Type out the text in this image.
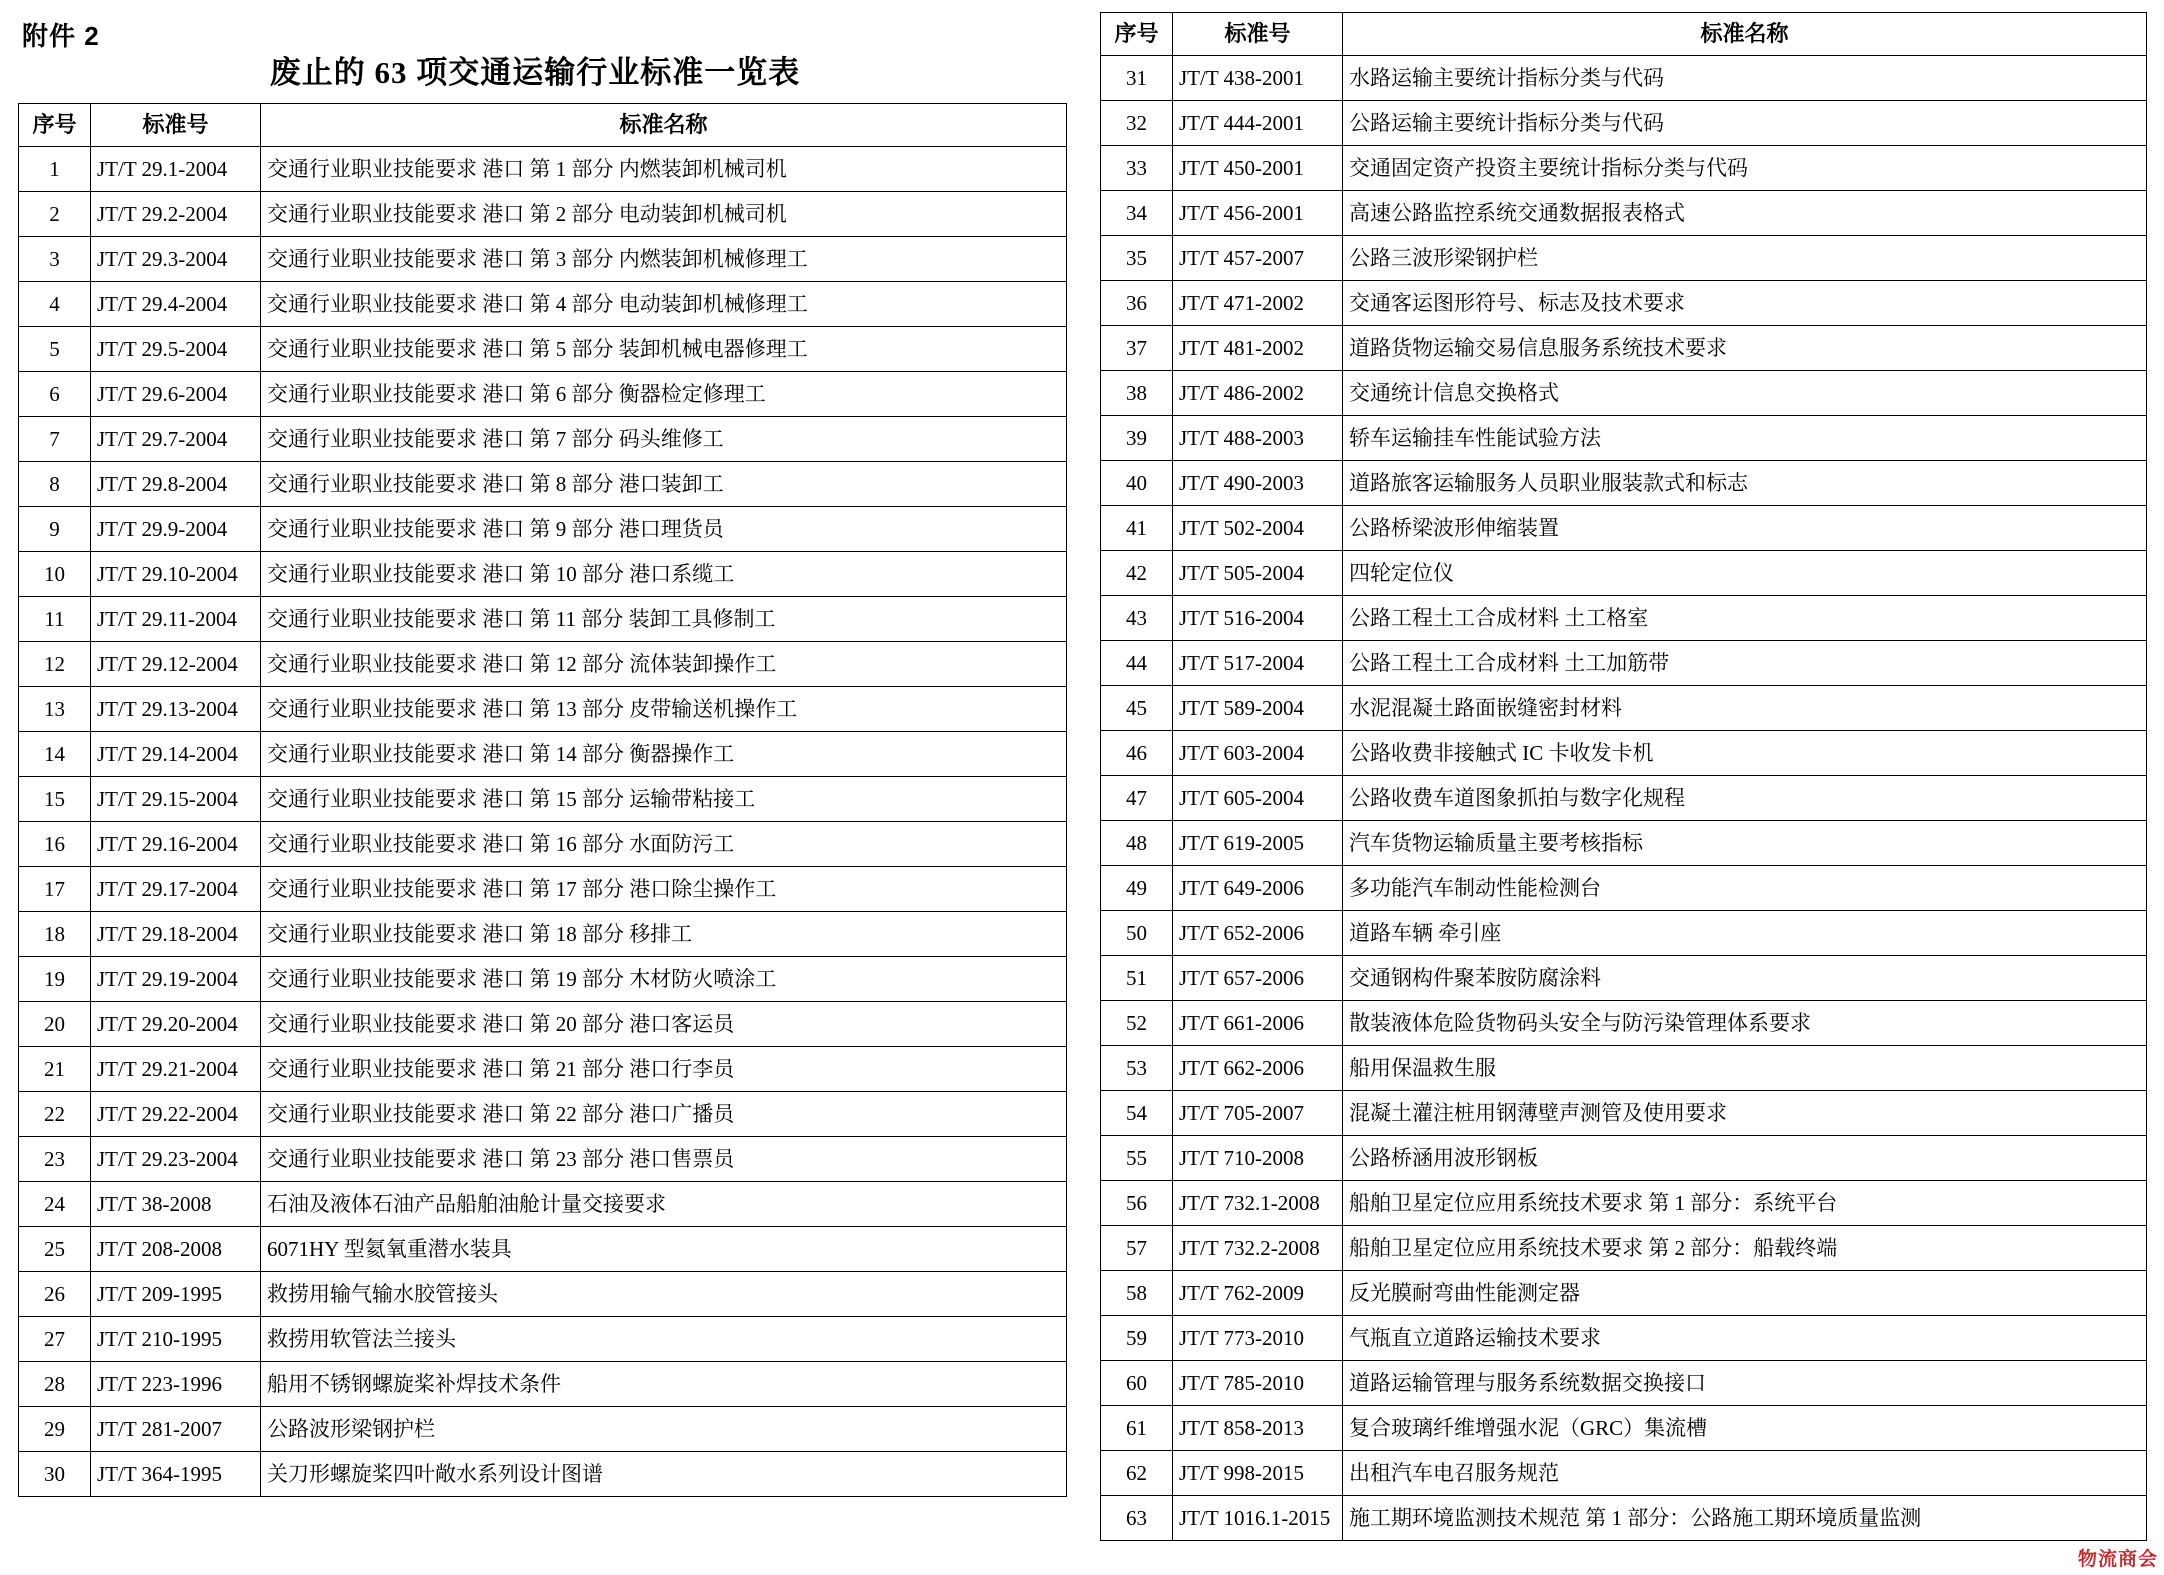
附件 2
废止的 63 项交通运输行业标准一览表
序号	标准号	标准名称
1	JT/T 29.1-2004	交通行业职业技能要求 港口 第 1 部分 内燃装卸机械司机
2	JT/T 29.2-2004	交通行业职业技能要求 港口 第 2 部分 电动装卸机械司机
3	JT/T 29.3-2004	交通行业职业技能要求 港口 第 3 部分 内燃装卸机械修理工
4	JT/T 29.4-2004	交通行业职业技能要求 港口 第 4 部分 电动装卸机械修理工
5	JT/T 29.5-2004	交通行业职业技能要求 港口 第 5 部分 装卸机械电器修理工
6	JT/T 29.6-2004	交通行业职业技能要求 港口 第 6 部分 衡器检定修理工
7	JT/T 29.7-2004	交通行业职业技能要求 港口 第 7 部分 码头维修工
8	JT/T 29.8-2004	交通行业职业技能要求 港口 第 8 部分 港口装卸工
9	JT/T 29.9-2004	交通行业职业技能要求 港口 第 9 部分 港口理货员
10	JT/T 29.10-2004	交通行业职业技能要求 港口 第 10 部分 港口系缆工
11	JT/T 29.11-2004	交通行业职业技能要求 港口 第 11 部分 装卸工具修制工
12	JT/T 29.12-2004	交通行业职业技能要求 港口 第 12 部分 流体装卸操作工
13	JT/T 29.13-2004	交通行业职业技能要求 港口 第 13 部分 皮带输送机操作工
14	JT/T 29.14-2004	交通行业职业技能要求 港口 第 14 部分 衡器操作工
15	JT/T 29.15-2004	交通行业职业技能要求 港口 第 15 部分 运输带粘接工
16	JT/T 29.16-2004	交通行业职业技能要求 港口 第 16 部分 水面防污工
17	JT/T 29.17-2004	交通行业职业技能要求 港口 第 17 部分 港口除尘操作工
18	JT/T 29.18-2004	交通行业职业技能要求 港口 第 18 部分 移排工
19	JT/T 29.19-2004	交通行业职业技能要求 港口 第 19 部分 木材防火喷涂工
20	JT/T 29.20-2004	交通行业职业技能要求 港口 第 20 部分 港口客运员
21	JT/T 29.21-2004	交通行业职业技能要求 港口 第 21 部分 港口行李员
22	JT/T 29.22-2004	交通行业职业技能要求 港口 第 22 部分 港口广播员
23	JT/T 29.23-2004	交通行业职业技能要求 港口 第 23 部分 港口售票员
24	JT/T 38-2008	石油及液体石油产品船舶油舱计量交接要求
25	JT/T 208-2008	6071HY 型氦氧重潜水装具
26	JT/T 209-1995	救捞用输气输水胶管接头
27	JT/T 210-1995	救捞用软管法兰接头
28	JT/T 223-1996	船用不锈钢螺旋桨补焊技术条件
29	JT/T 281-2007	公路波形梁钢护栏
30	JT/T 364-1995	关刀形螺旋桨四叶敞水系列设计图谱
序号	标准号	标准名称
31	JT/T 438-2001	水路运输主要统计指标分类与代码
32	JT/T 444-2001	公路运输主要统计指标分类与代码
33	JT/T 450-2001	交通固定资产投资主要统计指标分类与代码
34	JT/T 456-2001	高速公路监控系统交通数据报表格式
35	JT/T 457-2007	公路三波形梁钢护栏
36	JT/T 471-2002	交通客运图形符号、标志及技术要求
37	JT/T 481-2002	道路货物运输交易信息服务系统技术要求
38	JT/T 486-2002	交通统计信息交换格式
39	JT/T 488-2003	轿车运输挂车性能试验方法
40	JT/T 490-2003	道路旅客运输服务人员职业服装款式和标志
41	JT/T 502-2004	公路桥梁波形伸缩装置
42	JT/T 505-2004	四轮定位仪
43	JT/T 516-2004	公路工程土工合成材料 土工格室
44	JT/T 517-2004	公路工程土工合成材料 土工加筋带
45	JT/T 589-2004	水泥混凝土路面嵌缝密封材料
46	JT/T 603-2004	公路收费非接触式 IC 卡收发卡机
47	JT/T 605-2004	公路收费车道图象抓拍与数字化规程
48	JT/T 619-2005	汽车货物运输质量主要考核指标
49	JT/T 649-2006	多功能汽车制动性能检测台
50	JT/T 652-2006	道路车辆 牵引座
51	JT/T 657-2006	交通钢构件聚苯胺防腐涂料
52	JT/T 661-2006	散装液体危险货物码头安全与防污染管理体系要求
53	JT/T 662-2006	船用保温救生服
54	JT/T 705-2007	混凝土灌注桩用钢薄壁声测管及使用要求
55	JT/T 710-2008	公路桥涵用波形钢板
56	JT/T 732.1-2008	船舶卫星定位应用系统技术要求 第 1 部分：系统平台
57	JT/T 732.2-2008	船舶卫星定位应用系统技术要求 第 2 部分：船载终端
58	JT/T 762-2009	反光膜耐弯曲性能测定器
59	JT/T 773-2010	气瓶直立道路运输技术要求
60	JT/T 785-2010	道路运输管理与服务系统数据交换接口
61	JT/T 858-2013	复合玻璃纤维增强水泥（GRC）集流槽
62	JT/T 998-2015	出租汽车电召服务规范
63	JT/T 1016.1-2015	施工期环境监测技术规范 第 1 部分：公路施工期环境质量监测
物流商会
